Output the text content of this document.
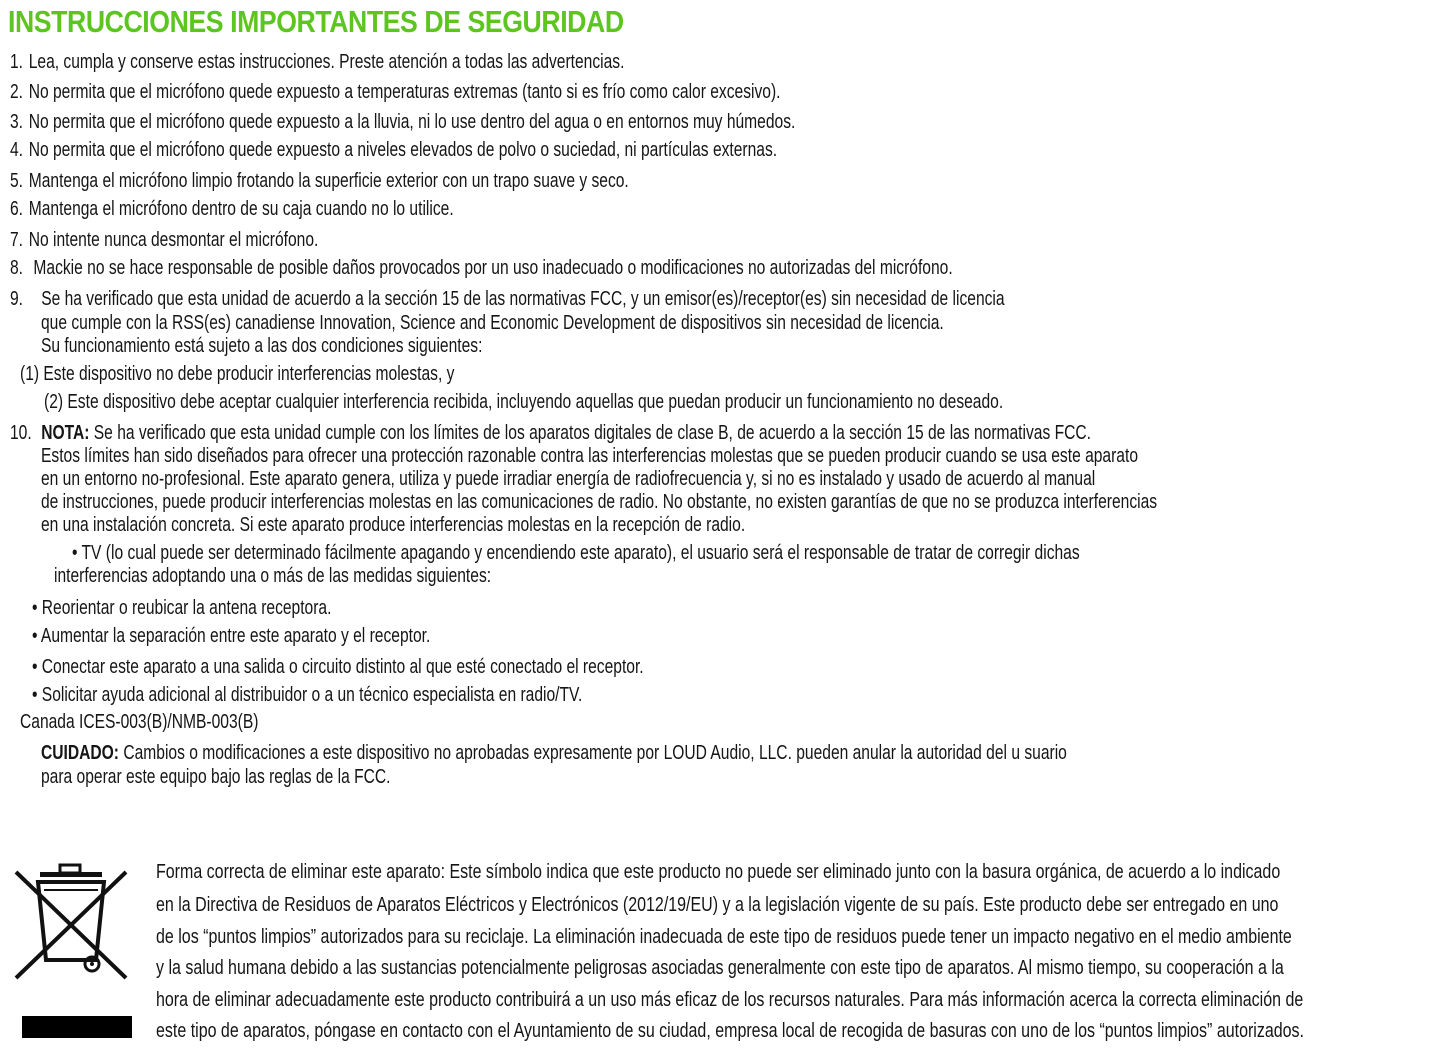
INSTRUCCIONES IMPORTANTES DE SEGURIDAD
1. Lea, cumpla y conserve estas instrucciones. Preste atención a todas las advertencias.
2. No permita que el micrófono quede expuesto a temperaturas extremas (tanto si es frío como calor excesivo).
3. No permita que el micrófono quede expuesto a la lluvia, ni lo use dentro del agua o en entornos muy húmedos.
4. No permita que el micrófono quede expuesto a niveles elevados de polvo o suciedad, ni partículas externas.
5. Mantenga el micrófono limpio frotando la superficie exterior con un trapo suave y seco.
6. Mantenga el micrófono dentro de su caja cuando no lo utilice.
7. No intente nunca desmontar el micrófono.
8. Mackie no se hace responsable de posible daños provocados por un uso inadecuado o modificaciones no autorizadas del micrófono.
9. Se ha verificado que esta unidad de acuerdo a la sección 15 de las normativas FCC, y un emisor(es)/receptor(es) sin necesidad de licencia
que cumple con la RSS(es) canadiense Innovation, Science and Economic Development de dispositivos sin necesidad de licencia.
Su funcionamiento está sujeto a las dos condiciones siguientes:
(1) Este dispositivo no debe producir interferencias molestas, y
(2) Este dispositivo debe aceptar cualquier interferencia recibida, incluyendo aquellas que puedan producir un funcionamiento no deseado.
10. NOTA: Se ha verificado que esta unidad cumple con los límites de los aparatos digitales de clase B, de acuerdo a la sección 15 de las normativas FCC.
Estos límites han sido diseñados para ofrecer una protección razonable contra las interferencias molestas que se pueden producir cuando se usa este aparato
en un entorno no-profesional. Este aparato genera, utiliza y puede irradiar energía de radiofrecuencia y, si no es instalado y usado de acuerdo al manual
de instrucciones, puede producir interferencias molestas en las comunicaciones de radio. No obstante, no existen garantías de que no se produzca interferencias
en una instalación concreta. Si este aparato produce interferencias molestas en la recepción de radio.
• TV (lo cual puede ser determinado fácilmente apagando y encendiendo este aparato), el usuario será el responsable de tratar de corregir dichas
interferencias adoptando una o más de las medidas siguientes:
• Reorientar o reubicar la antena receptora.
• Aumentar la separación entre este aparato y el receptor.
• Conectar este aparato a una salida o circuito distinto al que esté conectado el receptor.
• Solicitar ayuda adicional al distribuidor o a un técnico especialista en radio/TV.
Canada ICES-003(B)/NMB-003(B)
CUIDADO: Cambios o modificaciones a este dispositivo no aprobadas expresamente por LOUD Audio, LLC. pueden anular la autoridad del u suario
para operar este equipo bajo las reglas de la FCC.
Forma correcta de eliminar este aparato: Este símbolo indica que este producto no puede ser eliminado junto con la basura orgánica, de acuerdo a lo indicado
en la Directiva de Residuos de Aparatos Eléctricos y Electrónicos (2012/19/EU) y a la legislación vigente de su país. Este producto debe ser entregado en uno
de los “puntos limpios” autorizados para su reciclaje. La eliminación inadecuada de este tipo de residuos puede tener un impacto negativo en el medio ambiente
y la salud humana debido a las sustancias potencialmente peligrosas asociadas generalmente con este tipo de aparatos. Al mismo tiempo, su cooperación a la
hora de eliminar adecuadamente este producto contribuirá a un uso más eficaz de los recursos naturales. Para más información acerca la correcta eliminación de
este tipo de aparatos, póngase en contacto con el Ayuntamiento de su ciudad, empresa local de recogida de basuras con uno de los “puntos limpios” autorizados.
